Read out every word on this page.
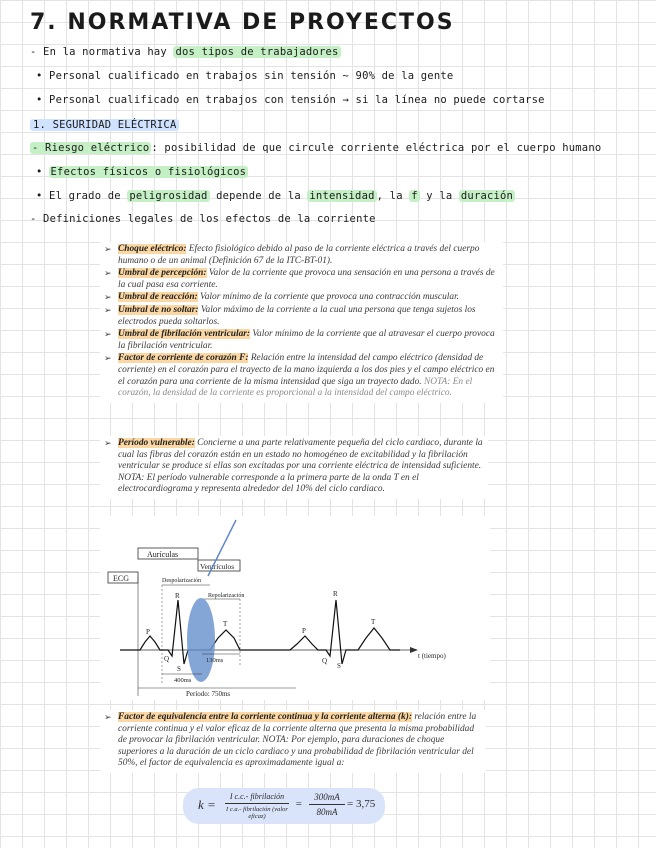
7. NORMATIVA DE PROYECTOS
- En la normativa hay dos tipos de trabajadores
• Personal cualificado en trabajos sin tensión ~ 90% de la gente
• Personal cualificado en trabajos con tensión → si la línea no puede cortarse
1. SEGURIDAD ELÉCTRICA
- Riesgo eléctrico : posibilidad de que circule corriente eléctrica por el cuerpo humano
• Efectos físicos o fisiológicos
• El grado de peligrosidad depende de la intensidad , la f y la duración
- Definiciones legales de los efectos de la corriente
➢ Choque eléctrico: Efecto fisiológico debido al paso de la corriente eléctrica a través del cuerpo humano o de un animal (Definición 67 de la ITC-BT-01).
➢ Umbral de percepción: Valor de la corriente que provoca una sensación en una persona a través de la cual pasa esa corriente.
➢ Umbral de reacción: Valor mínimo de la corriente que provoca una contracción muscular.
➢ Umbral de no soltar: Valor máximo de la corriente a la cual una persona que tenga sujetos los electrodos pueda soltarlos.
➢ Umbral de fibrilación ventricular: Valor mínimo de la corriente que al atravesar el cuerpo provoca la fibrilación ventricular.
➢ Factor de corriente de corazón F: Relación entre la intensidad del campo eléctrico (densidad de corriente) en el corazón para el trayecto de la mano izquierda a los dos pies y el campo eléctrico en el corazón para una corriente de la misma intensidad que siga un trayecto dado. NOTA: En el corazón, la densidad de la corriente es proporcional a la intensidad del campo eléctrico.
➢ Período vulnerable: Concierne a una parte relativamente pequeña del ciclo cardiaco, durante la cual las fibras del corazón están en un estado no homogéneo de excitabilidad y la fibrilación ventricular se produce si ellas son excitadas por una corriente eléctrica de intensidad suficiente. NOTA: El período vulnerable corresponde a la primera parte de la onda T en el electrocardiograma y representa alrededor del 10% del ciclo cardiaco.
Aurículas
Ventrículos
ECG	Despolarización
Repolarización
P
Q
R
S
T
P
Q
R
S
T
130ms
400ms
Período: 750ms
t (tiempo)
➢ Factor de equivalencia entre la corriente continua y la corriente alterna (k): relación entre la corriente continua y el valor eficaz de la corriente alterna que presenta la misma probabilidad de provocar la fibrilación ventricular. NOTA: Por ejemplo, para duraciones de choque superiores a la duración de un ciclo cardiaco y una probabilidad de fibrilación ventricular del 50%, el factor de equivalencia es aproximadamente igual a:
k =
I c.c.- fibrilación
I c.a.- fibrilación (valor eficaz)
=
300mA
80mA
= 3,75
